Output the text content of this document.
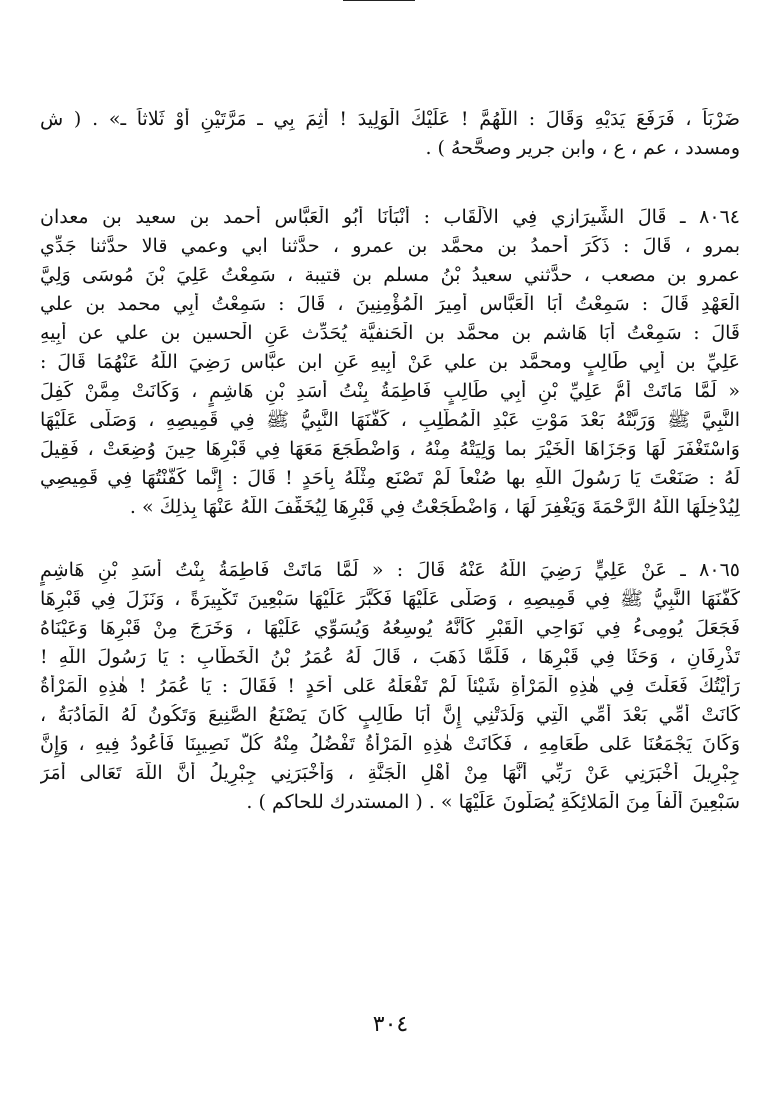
ضَرْبَاً ، فَرَفَعَ يَدَيْهِ وَقَالَ : اللَّهُمَّ ! عَلَيْكَ الْوَلِيدَ ! أَثِمَ بِي ـ مَرَّتَيْنِ أَوْ ثَلاثاً ـ» . ( ش
ومسدد ، عم ، ع ، وابن جرير وصحَّحهُ ) .
٨٠٦٤ ـ قَالَ الشِّيرَازي فِي الأَلْقَاب : أَنْبَأَنَا أَبُو الْعَبَّاس أَحمد بن سعيد بن معدان
بمرو ، قَالَ : ذَكَرَ أَحمدُ بن محمَّد بن عمرو ، حدَّثنا ابي وعمي قالا حدَّثنا جَدِّي
عمرو بن مصعب ، حدَّثني سعيدُ بْنُ مسلم بن قتيبة ، سَمِعْتُ عَلِيَ بْنَ مُوسَى وَلِيَّ
الْعَهْدِ قَالَ : سَمِعْتُ أَبَا الْعَبَّاس أَمِيرَ الْمُؤْمِنِينَ ، قَالَ : سَمِعْتُ أَبِي محمد بن علي
قَالَ : سَمِعْتُ أَبَا هَاشم بن محمَّد بن الْحَنفيَّة يُحَدِّث عَنِ الْحسين بن علي عن أَبِيهِ
عَلِيِّ بن أَبِي طَالِبٍ ومحمَّد بن علي عَنْ أَبِيهِ عَنِ ابن عبَّاس رَضِيَ اللَّهُ عَنْهُمَا قَالَ :
« لَمَّا مَاتَتْ أُمُّ عَلِيِّ بْنِ أَبِي طَالِبٍ فَاطِمَةُ بِنْتُ أَسَدِ بْنِ هَاشِمٍ ، وَكَانَتْ مِمَّنْ كَفِلَ
النَّبِيَّ ﷺ وَرَبَّتْهُ بَعْدَ مَوْتِ عَبْدِ الْمُطَّلِبِ ، كَفَّنَهَا النَّبِيُّ ﷺ فِي قَمِيصِهِ ، وَصَلَّى عَلَيْهَا
وَاسْتَغْفَرَ لَهَا وَجَزَاهَا الْخَيْرَ بما وَلِيَتْهُ مِنْهُ ، وَاضْطَجَعَ مَعَهَا فِي قَبْرِهَا حِينَ وُضِعَتْ ، فَقِيلَ
لَهُ : صَنَعْتَ يَا رَسُولَ اللَّهِ بها صُنْعاً لَمْ تَصْنَع مِثْلَهُ بِأَحَدٍ ! قَالَ : إِنَّما كَفَّنْتُهَا فِي قَمِيصِي
لِيُدْخِلَهَا اللَّهُ الرَّحْمَةَ وَيَغْفِرَ لَهَا ، وَاضْطَجَعْتُ فِي قَبْرِهَا لِيُخَفِّفَ اللَّهُ عَنْهَا بِذلِكَ » .
٨٠٦٥ ـ عَنْ عَلِيٍّ رَضِيَ اللَّهُ عَنْهُ قَالَ : « لَمَّا مَاتَتْ فَاطِمَةُ بِنْتُ أَسَدِ بْنِ هَاشِمٍ
كَفَّنَهَا النَّبِيُّ ﷺ فِي قَمِيصِهِ ، وَصَلَّى عَلَيْهَا فَكَبَّرَ عَلَيْهَا سَبْعِينَ تَكْبِيرَةً ، وَنَزَلَ فِي قَبْرِهَا
فَجَعَلَ يُومِىءُ فِي نَوَاحِي الْقَبْرِ كَأَنَّهُ يُوسِعُهُ وَيُسَوِّي عَلَيْهَا ، وَخَرَجَ مِنْ قَبْرِهَا وَعَيْنَاهُ
تَذْرِفَانِ ، وَحَثَا فِي قَبْرِهَا ، فَلَمَّا ذَهَبَ ، قَالَ لَهُ عُمَرُ بْنُ الْخَطَّابِ : يَا رَسُولَ اللَّهِ !
رَأَيْتُكَ فَعَلْتَ فِي هٰذِهِ الْمَرْأَةِ شَيْئاً لَمْ تَفْعَلْهُ عَلى أَحَدٍ ! فَقَالَ : يَا عُمَرُ ! هٰذِهِ الْمَرْأَةُ
كَانَتْ أُمِّي بَعْدَ أُمِّي الَّتِي وَلَدَتْنِي إِنَّ أَبَا طَالِبٍ كَانَ يَصْنَعُ الصَّنِيعَ وَتَكُونُ لَهُ الْمَأْدُبَةُ ،
وَكَانَ يَجْمَعُنَا عَلى طَعَامِهِ ، فَكَانَتْ هٰذِهِ الْمَرْأَةُ تَفْضُلُ مِنْهُ كُلَّ نَصِيبِنَا فَأَعُودُ فِيهِ ، وَإِنَّ
جِبْرِيلَ أَخْبَرَنِي عَنْ رَبِّي أَنَّهَا مِنْ أَهْلِ الْجَنَّةِ ، وَأَخْبَرَنِي جِبْرِيلُ أَنَّ اللَّهَ تَعَالى أَمَرَ
سَبْعِينَ أَلْفاً مِنَ الْمَلائِكَةِ يُصَلُّونَ عَلَيْهَا » . ( المستدرك للحاكم ) .
٣٠٤
